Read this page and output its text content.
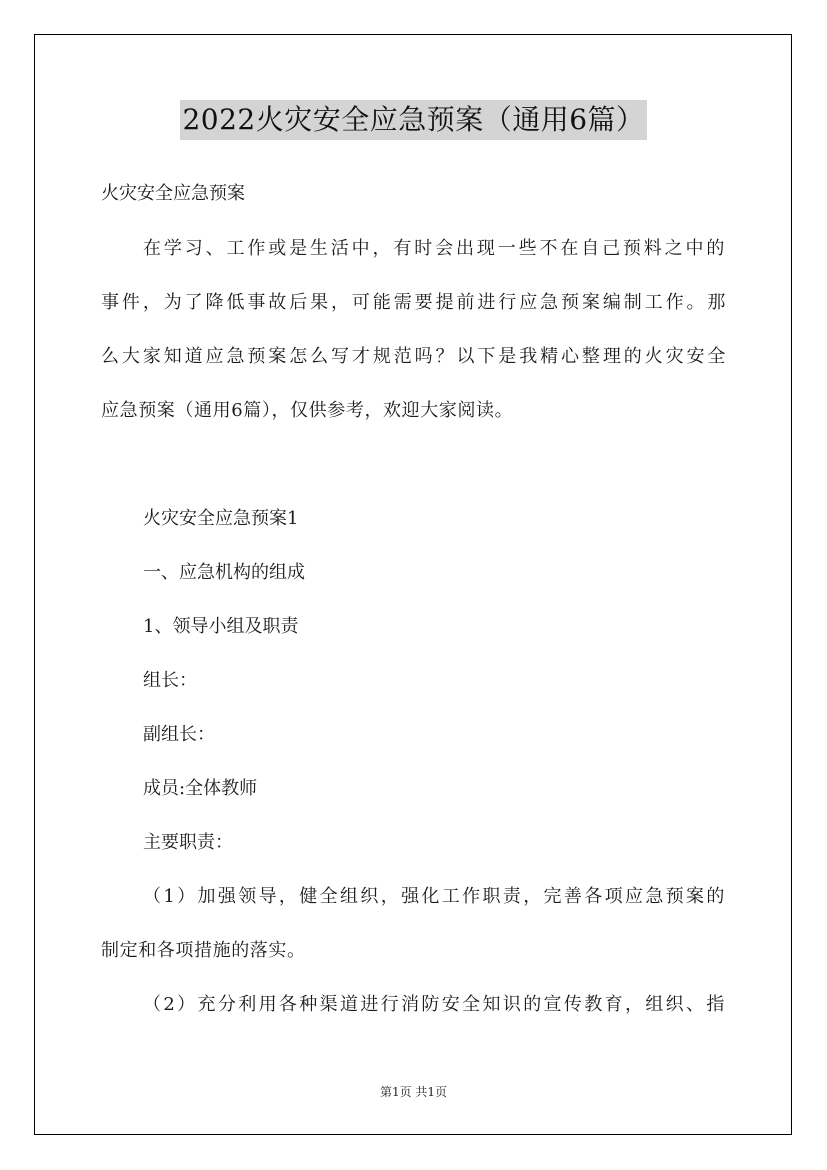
2022火灾安全应急预案（通用6篇）
火灾安全应急预案
在学习、工作或是生活中，有时会出现一些不在自己预料之中的
事件，为了降低事故后果，可能需要提前进行应急预案编制工作。那
么大家知道应急预案怎么写才规范吗？以下是我精心整理的火灾安全
应急预案（通用6篇），仅供参考，欢迎大家阅读。
火灾安全应急预案1
一、应急机构的组成
1、领导小组及职责
组长：
副组长：
成员:全体教师
主要职责：
（1）加强领导，健全组织，强化工作职责，完善各项应急预案的
制定和各项措施的落实。
（2）充分利用各种渠道进行消防安全知识的宣传教育，组织、指
第1页 共1页
